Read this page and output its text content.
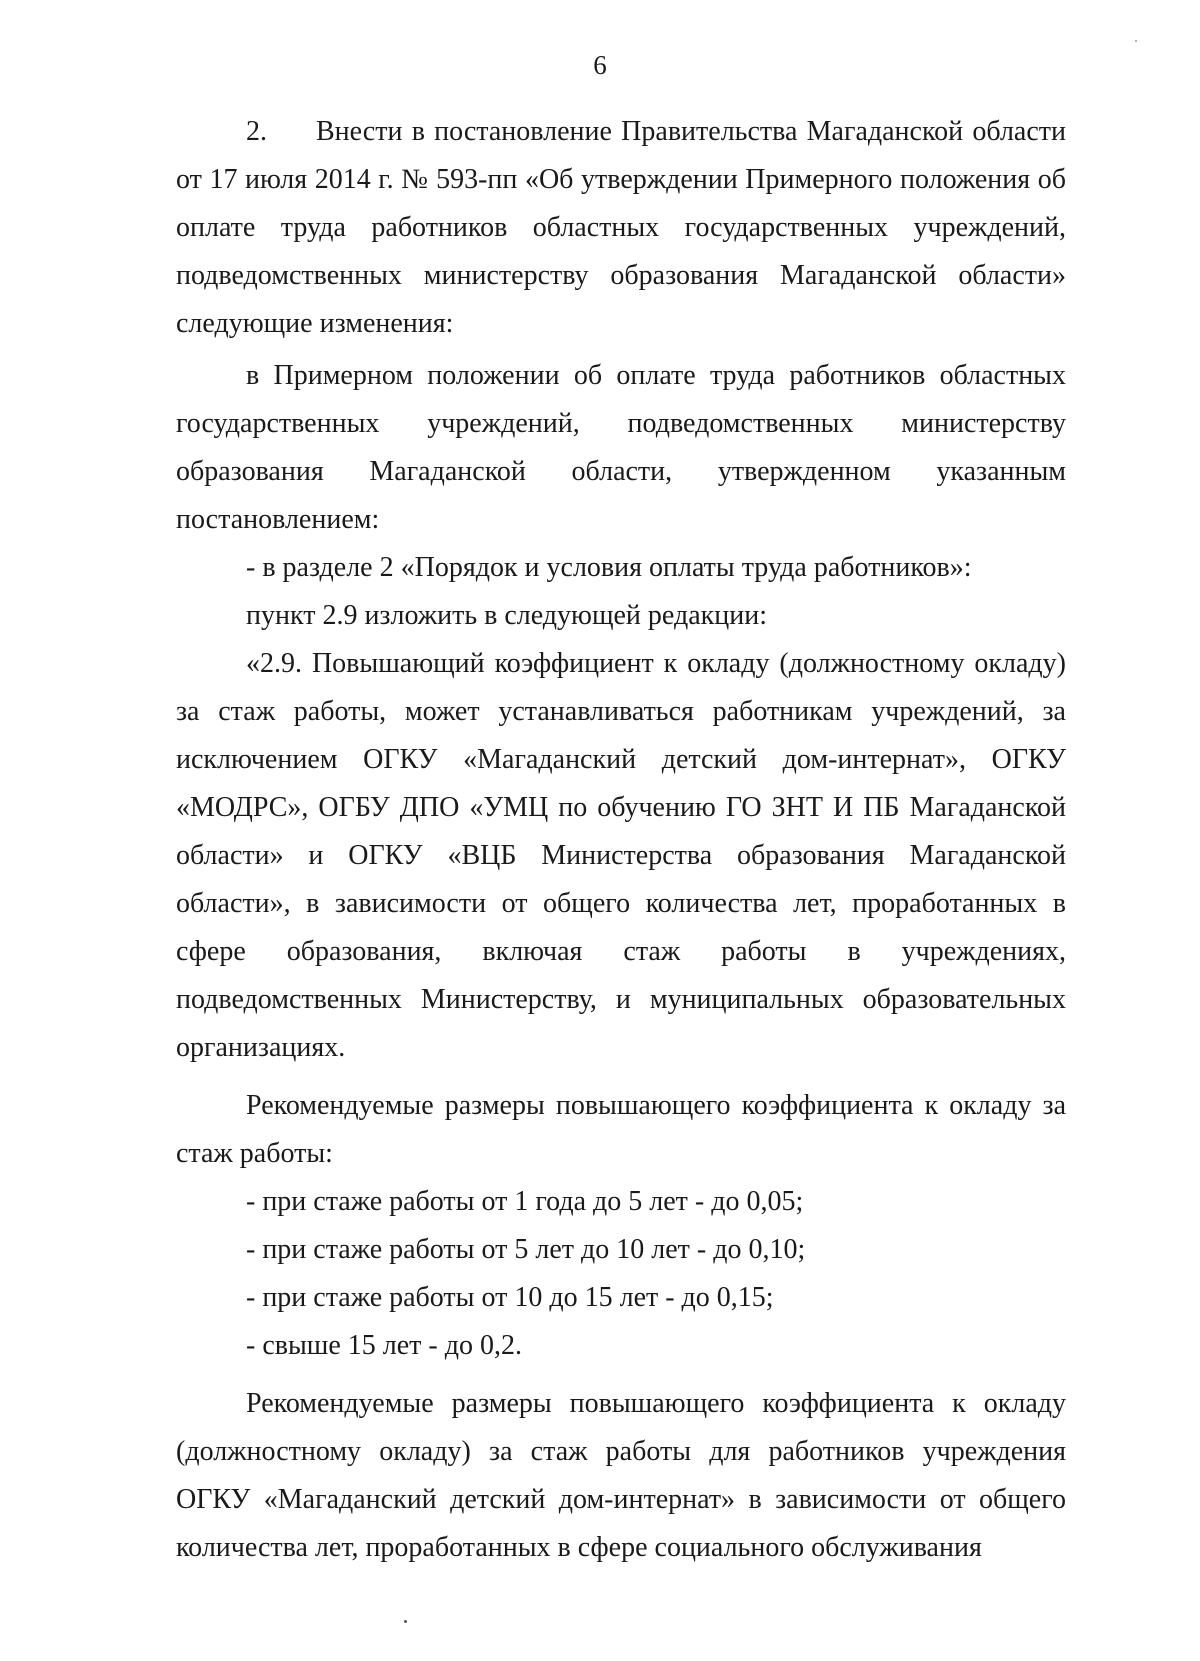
6

2. Внести в постановление Правительства Магаданской области от 17 июля 2014 г. № 593-пп «Об утверждении Примерного положения об оплате труда работников областных государственных учреждений, подведомственных министерству образования Магаданской области» следующие изменения:

в Примерном положении об оплате труда работников областных государственных учреждений, подведомственных министерству образования Магаданской области, утвержденном указанным постановлением:

- в разделе 2 «Порядок и условия оплаты труда работников»:

пункт 2.9 изложить в следующей редакции:

«2.9. Повышающий коэффициент к окладу (должностному окладу) за стаж работы, может устанавливаться работникам учреждений, за исключением ОГКУ «Магаданский детский дом-интернат», ОГКУ «МОДРС», ОГБУ ДПО «УМЦ по обучению ГО ЗНТ И ПБ Магаданской области» и ОГКУ «ВЦБ Министерства образования Магаданской области», в зависимости от общего количества лет, проработанных в сфере образования, включая стаж работы в учреждениях, подведомственных Министерству, и муниципальных образовательных организациях.

Рекомендуемые размеры повышающего коэффициента к окладу за стаж работы:

- при стаже работы от 1 года до 5 лет - до 0,05;

- при стаже работы от 5 лет до 10 лет - до 0,10;

- при стаже работы от 10 до 15 лет - до 0,15;

- свыше 15 лет - до 0,2.

Рекомендуемые размеры повышающего коэффициента к окладу (должностному окладу) за стаж работы для работников учреждения ОГКУ «Магаданский детский дом-интернат» в зависимости от общего количества лет, проработанных в сфере социального обслуживания
